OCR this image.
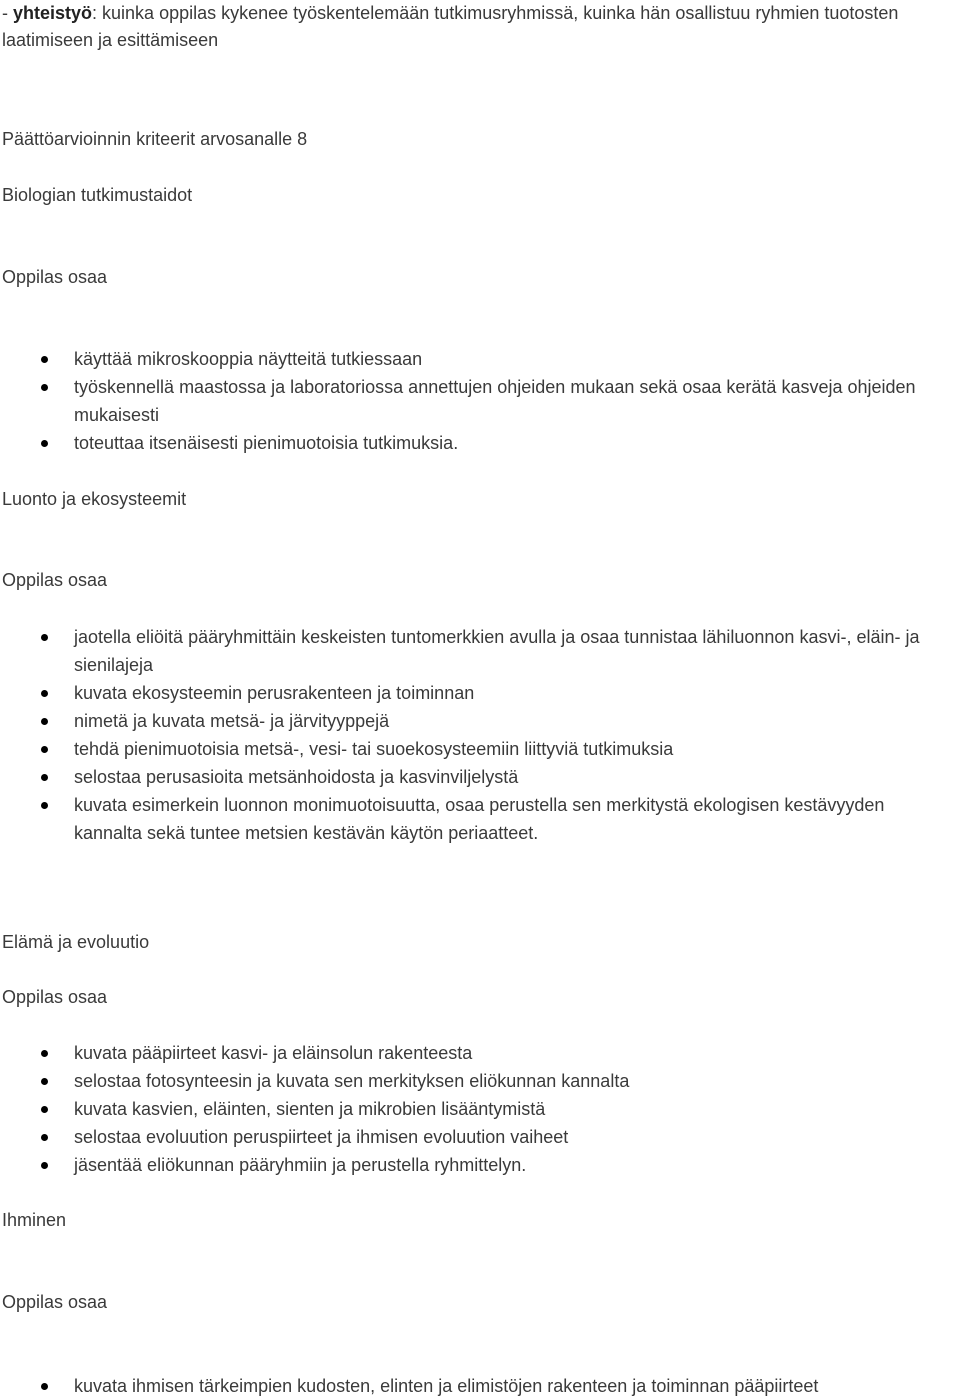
- yhteistyö: kuinka oppilas kykenee työskentelemään tutkimusryhmissä, kuinka hän osallistuu ryhmien tuotosten laatimiseen ja esittämiseen
Päättöarvioinnin kriteerit arvosanalle 8
Biologian tutkimustaidot
Oppilas osaa
käyttää mikroskooppia näytteitä tutkiessaan
työskennellä maastossa ja laboratoriossa annettujen ohjeiden mukaan sekä osaa kerätä kasveja ohjeiden mukaisesti
toteuttaa itsenäisesti pienimuotoisia tutkimuksia.
Luonto ja ekosysteemit
Oppilas osaa
jaotella eliöitä pääryhmittäin keskeisten tuntomerkkien avulla ja osaa tunnistaa lähiluonnon kasvi-, eläin- ja sienilajeja
kuvata ekosysteemin perusrakenteen ja toiminnan
nimetä ja kuvata metsä- ja järvityyppejä
tehdä pienimuotoisia metsä-, vesi- tai suoekosysteemiin liittyviä tutkimuksia
selostaa perusasioita metsänhoidosta ja kasvinviljelystä
kuvata esimerkein luonnon monimuotoisuutta, osaa perustella sen merkitystä ekologisen kestävyyden kannalta sekä tuntee metsien kestävän käytön periaatteet.
Elämä ja evoluutio
Oppilas osaa
kuvata pääpiirteet kasvi- ja eläinsolun rakenteesta
selostaa fotosynteesin ja kuvata sen merkityksen eliökunnan kannalta
kuvata kasvien, eläinten, sienten ja mikrobien lisääntymistä
selostaa evoluution peruspiirteet ja ihmisen evoluution vaiheet
jäsentää eliökunnan pääryhmiin ja perustella ryhmittelyn.
Ihminen
Oppilas osaa
kuvata ihmisen tärkeimpien kudosten, elinten ja elimistöjen rakenteen ja toiminnan pääpiirteet
